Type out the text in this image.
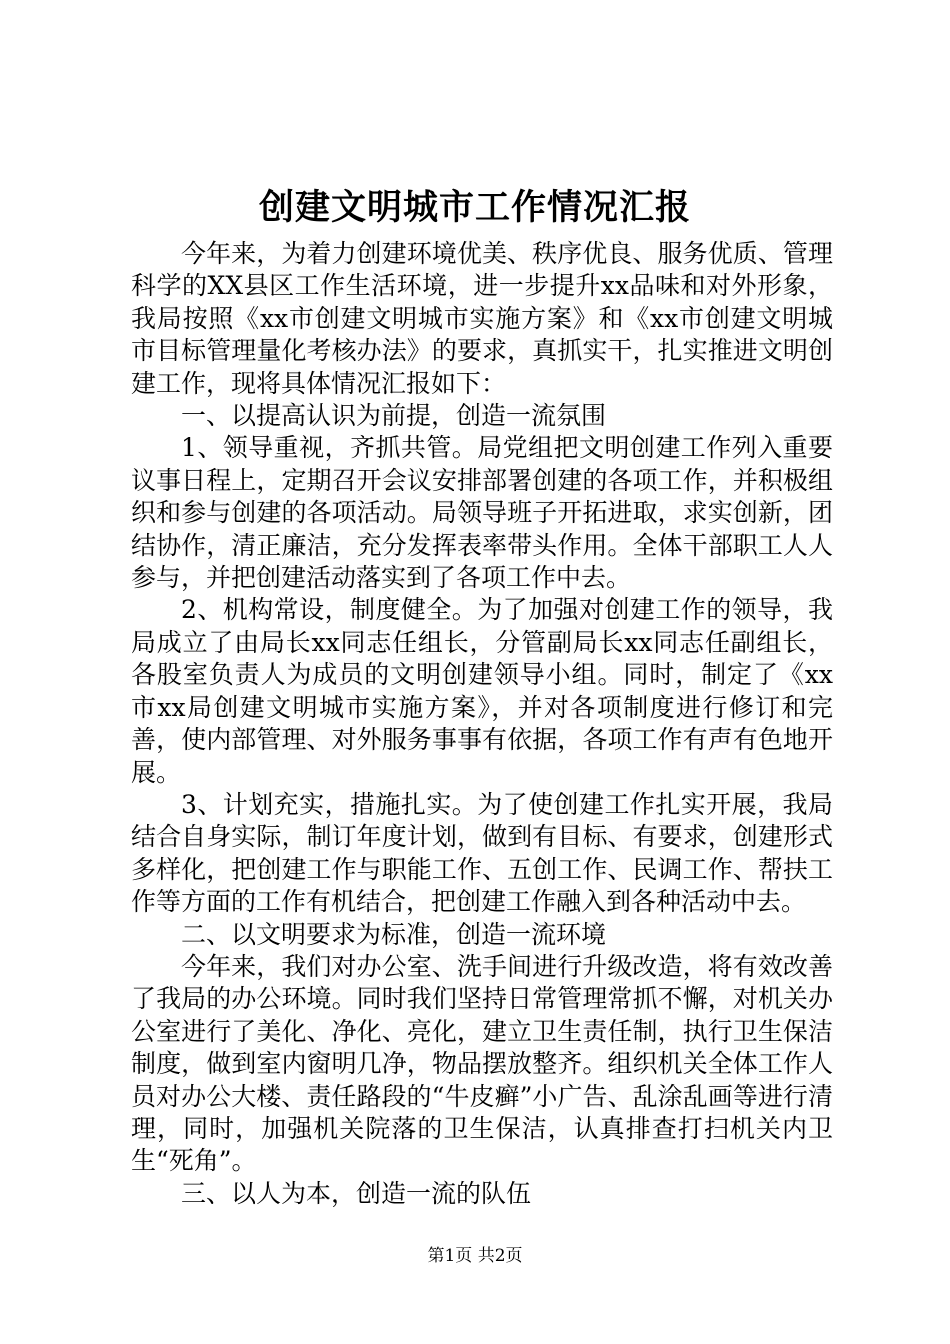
创建文明城市工作情况汇报

今年来，为着力创建环境优美、秩序优良、服务优质、管理科学的XX县区工作生活环境，进一步提升xx品味和对外形象，我局按照《xx市创建文明城市实施方案》和《xx市创建文明城市目标管理量化考核办法》的要求，真抓实干，扎实推进文明创建工作，现将具体情况汇报如下：

一、以提高认识为前提，创造一流氛围

1、领导重视，齐抓共管。局党组把文明创建工作列入重要议事日程上，定期召开会议安排部署创建的各项工作，并积极组织和参与创建的各项活动。局领导班子开拓进取，求实创新，团结协作，清正廉洁，充分发挥表率带头作用。全体干部职工人人参与，并把创建活动落实到了各项工作中去。

2、机构常设，制度健全。为了加强对创建工作的领导，我局成立了由局长xx同志任组长，分管副局长xx同志任副组长，各股室负责人为成员的文明创建领导小组。同时，制定了《xx市xx局创建文明城市实施方案》，并对各项制度进行修订和完善，使内部管理、对外服务事事有依据，各项工作有声有色地开展。

3、计划充实，措施扎实。为了使创建工作扎实开展，我局结合自身实际，制订年度计划，做到有目标、有要求，创建形式多样化，把创建工作与职能工作、五创工作、民调工作、帮扶工作等方面的工作有机结合，把创建工作融入到各种活动中去。

二、以文明要求为标准，创造一流环境

今年来，我们对办公室、洗手间进行升级改造，将有效改善了我局的办公环境。同时我们坚持日常管理常抓不懈，对机关办公室进行了美化、净化、亮化，建立卫生责任制，执行卫生保洁制度，做到室内窗明几净，物品摆放整齐。组织机关全体工作人员对办公大楼、责任路段的“牛皮癣”小广告、乱涂乱画等进行清理，同时，加强机关院落的卫生保洁，认真排查打扫机关内卫生“死角”。

三、以人为本，创造一流的队伍

第1页 共2页
